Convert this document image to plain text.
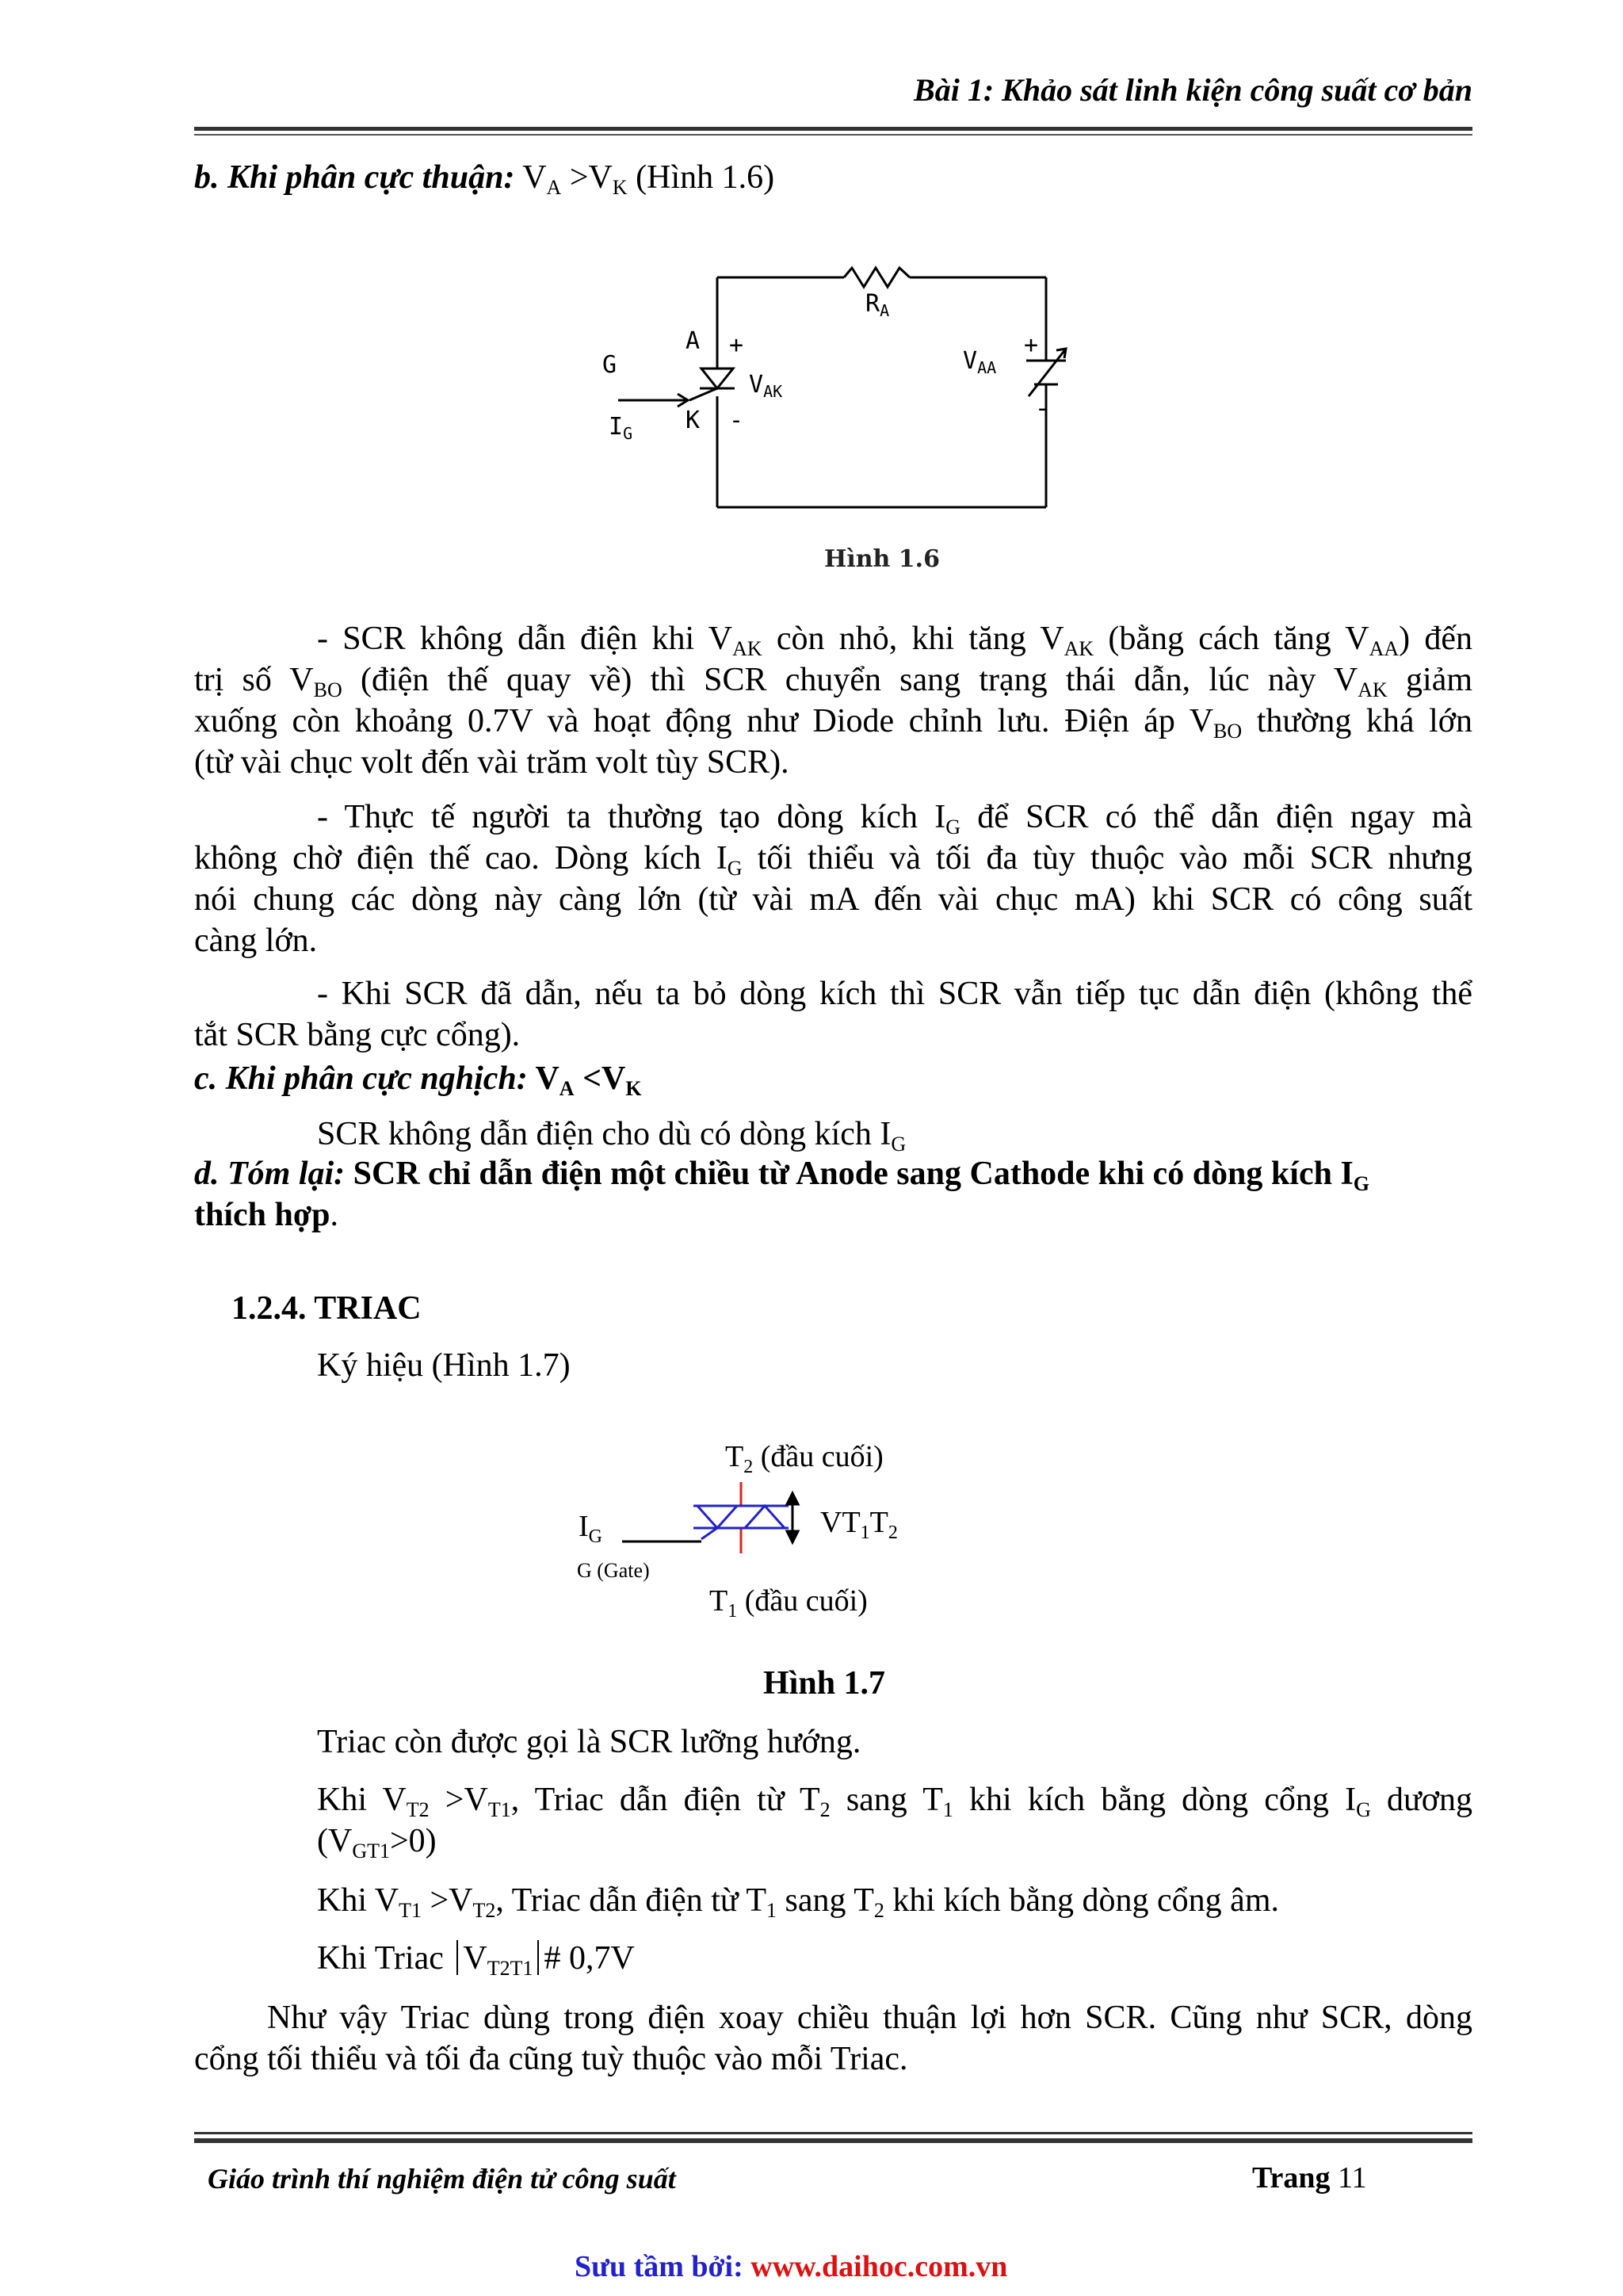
Bài 1: Khảo sát linh kiện công suất cơ bản
b. Khi phân cực thuận: $V_A >V_K$ (Hình 1.6)
$R_A$
A +
G
$V_{AK}$
K -
$I_G$
$V_{AA}$
+
-
Hình 1.6
- SCR không dẫn điện khi $V_{AK}$ còn nhỏ, khi tăng $V_{AK}$ (bằng cách tăng $V_{AA}$) đến
trị số $V_{BO}$ (điện thế quay về) thì SCR chuyển sang trạng thái dẫn, lúc này $V_{AK}$ giảm
xuống còn khoảng 0.7V và hoạt động như Diode chỉnh lưu. Điện áp $V_{BO}$ thường khá lớn
(từ vài chục volt đến vài trăm volt tùy SCR).
- Thực tế người ta thường tạo dòng kích $I_G$ để SCR có thể dẫn điện ngay mà
không chờ điện thế cao. Dòng kích $I_G$ tối thiểu và tối đa tùy thuộc vào mỗi SCR nhưng
nói chung các dòng này càng lớn (từ vài mA đến vài chục mA) khi SCR có công suất
càng lớn.
- Khi SCR đã dẫn, nếu ta bỏ dòng kích thì SCR vẫn tiếp tục dẫn điện (không thể
tắt SCR bằng cực cổng).
c. Khi phân cực nghịch: $V_A <V_K$
SCR không dẫn điện cho dù có dòng kích $I_G$
d. Tóm lại: SCR chỉ dẫn điện một chiều từ Anode sang Cathode khi có dòng kích $I_G$
thích hợp.
1.2.4. TRIAC
Ký hiệu (Hình 1.7)
$T_2$ (đầu cuối)
$I_G$	$VT_1T_2$
$T_1$ (đầu cuối)
G (Gate)
Hình 1.7
Triac còn được gọi là SCR lưỡng hướng.
Khi $V_{T2} >V_{T1}$, Triac dẫn điện từ $T_2$ sang $T_1$ khi kích bằng dòng cổng $I_G$ dương
$(V_{GT1}>0)$
Khi $V_{T1} >V_{T2}$, Triac dẫn điện từ $T_1$ sang $T_2$ khi kích bằng dòng cổng âm.
Khi Triac $V_{T2T1}$ # 0,7V
Như vậy Triac dùng trong điện xoay chiều thuận lợi hơn SCR. Cũng như SCR, dòng
cổng tối thiểu và tối đa cũng tuỳ thuộc vào mỗi Triac.
Giáo trình thí nghiệm điện tử công suất	Trang 11
Sưu tầm bởi: www.daihoc.com.vn
